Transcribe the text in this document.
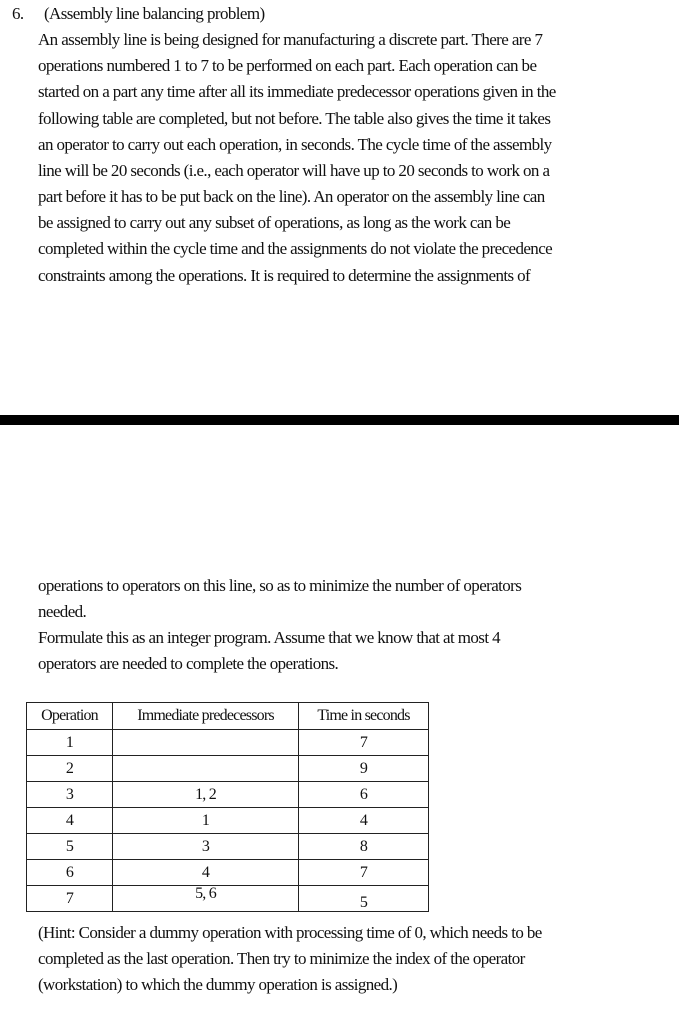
6. (Assembly line balancing problem)
An assembly line is being designed for manufacturing a discrete part. There are 7
operations numbered 1 to 7 to be performed on each part. Each operation can be
started on a part any time after all its immediate predecessor operations given in the
following table are completed, but not before. The table also gives the time it takes
an operator to carry out each operation, in seconds. The cycle time of the assembly
line will be 20 seconds (i.e., each operator will have up to 20 seconds to work on a
part before it has to be put back on the line). An operator on the assembly line can
be assigned to carry out any subset of operations, as long as the work can be
completed within the cycle time and the assignments do not violate the precedence
constraints among the operations. It is required to determine the assignments of
operations to operators on this line, so as to minimize the number of operators
needed.
Formulate this as an integer program. Assume that we know that at most 4
operators are needed to complete the operations.
Operation	Immediate predecessors	Time in seconds
1		7
2		9
3	1, 2	6
4	1	4
5	3	8
6	4	7
7	5, 6	5
(Hint: Consider a dummy operation with processing time of 0, which needs to be
completed as the last operation. Then try to minimize the index of the operator
(workstation) to which the dummy operation is assigned.)
